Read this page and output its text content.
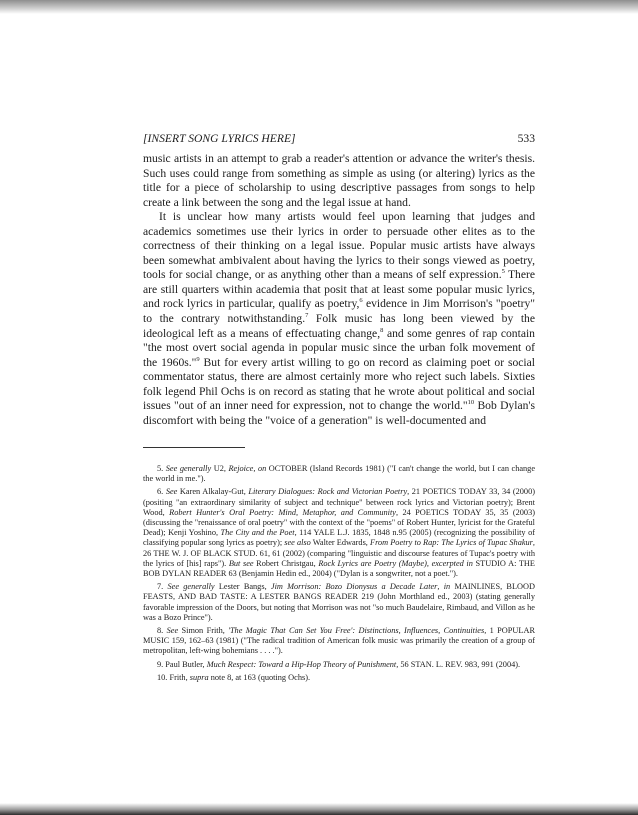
[INSERT SONG LYRICS HERE]	533

music artists in an attempt to grab a reader's attention or advance the writer's thesis. Such uses could range from something as simple as using (or altering) lyrics as the title for a piece of scholarship to using descriptive passages from songs to help create a link between the song and the legal issue at hand.

It is unclear how many artists would feel upon learning that judges and academics sometimes use their lyrics in order to persuade other elites as to the correctness of their thinking on a legal issue. Popular music artists have always been somewhat ambivalent about having the lyrics to their songs viewed as poetry, tools for social change, or as anything other than a means of self expression.$^5$ There are still quarters within academia that posit that at least some popular music lyrics, and rock lyrics in particular, qualify as poetry,$^6$ evidence in Jim Morrison's "poetry" to the contrary notwithstanding.$^7$ Folk music has long been viewed by the ideological left as a means of effectuating change,$^8$ and some genres of rap contain "the most overt social agenda in popular music since the urban folk movement of the 1960s."$^9$ But for every artist willing to go on record as claiming poet or social commentator status, there are almost certainly more who reject such labels. Sixties folk legend Phil Ochs is on record as stating that he wrote about political and social issues "out of an inner need for expression, not to change the world."$^{10}$ Bob Dylan's discomfort with being the "voice of a generation" is well-documented and

5. See generally U2, Rejoice, on OCTOBER (Island Records 1981) ("I can't change the world, but I can change the world in me.").

6. See Karen Alkalay-Gut, Literary Dialogues: Rock and Victorian Poetry, 21 POETICS TODAY 33, 34 (2000) (positing "an extraordinary similarity of subject and technique" between rock lyrics and Victorian poetry); Brent Wood, Robert Hunter's Oral Poetry: Mind, Metaphor, and Community, 24 POETICS TODAY 35, 35 (2003) (discussing the "renaissance of oral poetry" with the context of the "poems" of Robert Hunter, lyricist for the Grateful Dead); Kenji Yoshino, The City and the Poet, 114 YALE L.J. 1835, 1848 n.95 (2005) (recognizing the possibility of classifying popular song lyrics as poetry); see also Walter Edwards, From Poetry to Rap: The Lyrics of Tupac Shakur, 26 THE W. J. OF BLACK STUD. 61, 61 (2002) (comparing "linguistic and discourse features of Tupac's poetry with the lyrics of [his] raps"). But see Robert Christgau, Rock Lyrics are Poetry (Maybe), excerpted in STUDIO A: THE BOB DYLAN READER 63 (Benjamin Hedin ed., 2004) ("Dylan is a songwriter, not a poet.").

7. See generally Lester Bangs, Jim Morrison: Bozo Dionysus a Decade Later, in MAINLINES, BLOOD FEASTS, AND BAD TASTE: A LESTER BANGS READER 219 (John Morthland ed., 2003) (stating generally favorable impression of the Doors, but noting that Morrison was not "so much Baudelaire, Rimbaud, and Villon as he was a Bozo Prince").

8. See Simon Frith, 'The Magic That Can Set You Free': Distinctions, Influences, Continuities, 1 POPULAR MUSIC 159, 162–63 (1981) ("The radical tradition of American folk music was primarily the creation of a group of metropolitan, left-wing bohemians . . . .").

9. Paul Butler, Much Respect: Toward a Hip-Hop Theory of Punishment, 56 STAN. L. REV. 983, 991 (2004).

10. Frith, supra note 8, at 163 (quoting Ochs).
